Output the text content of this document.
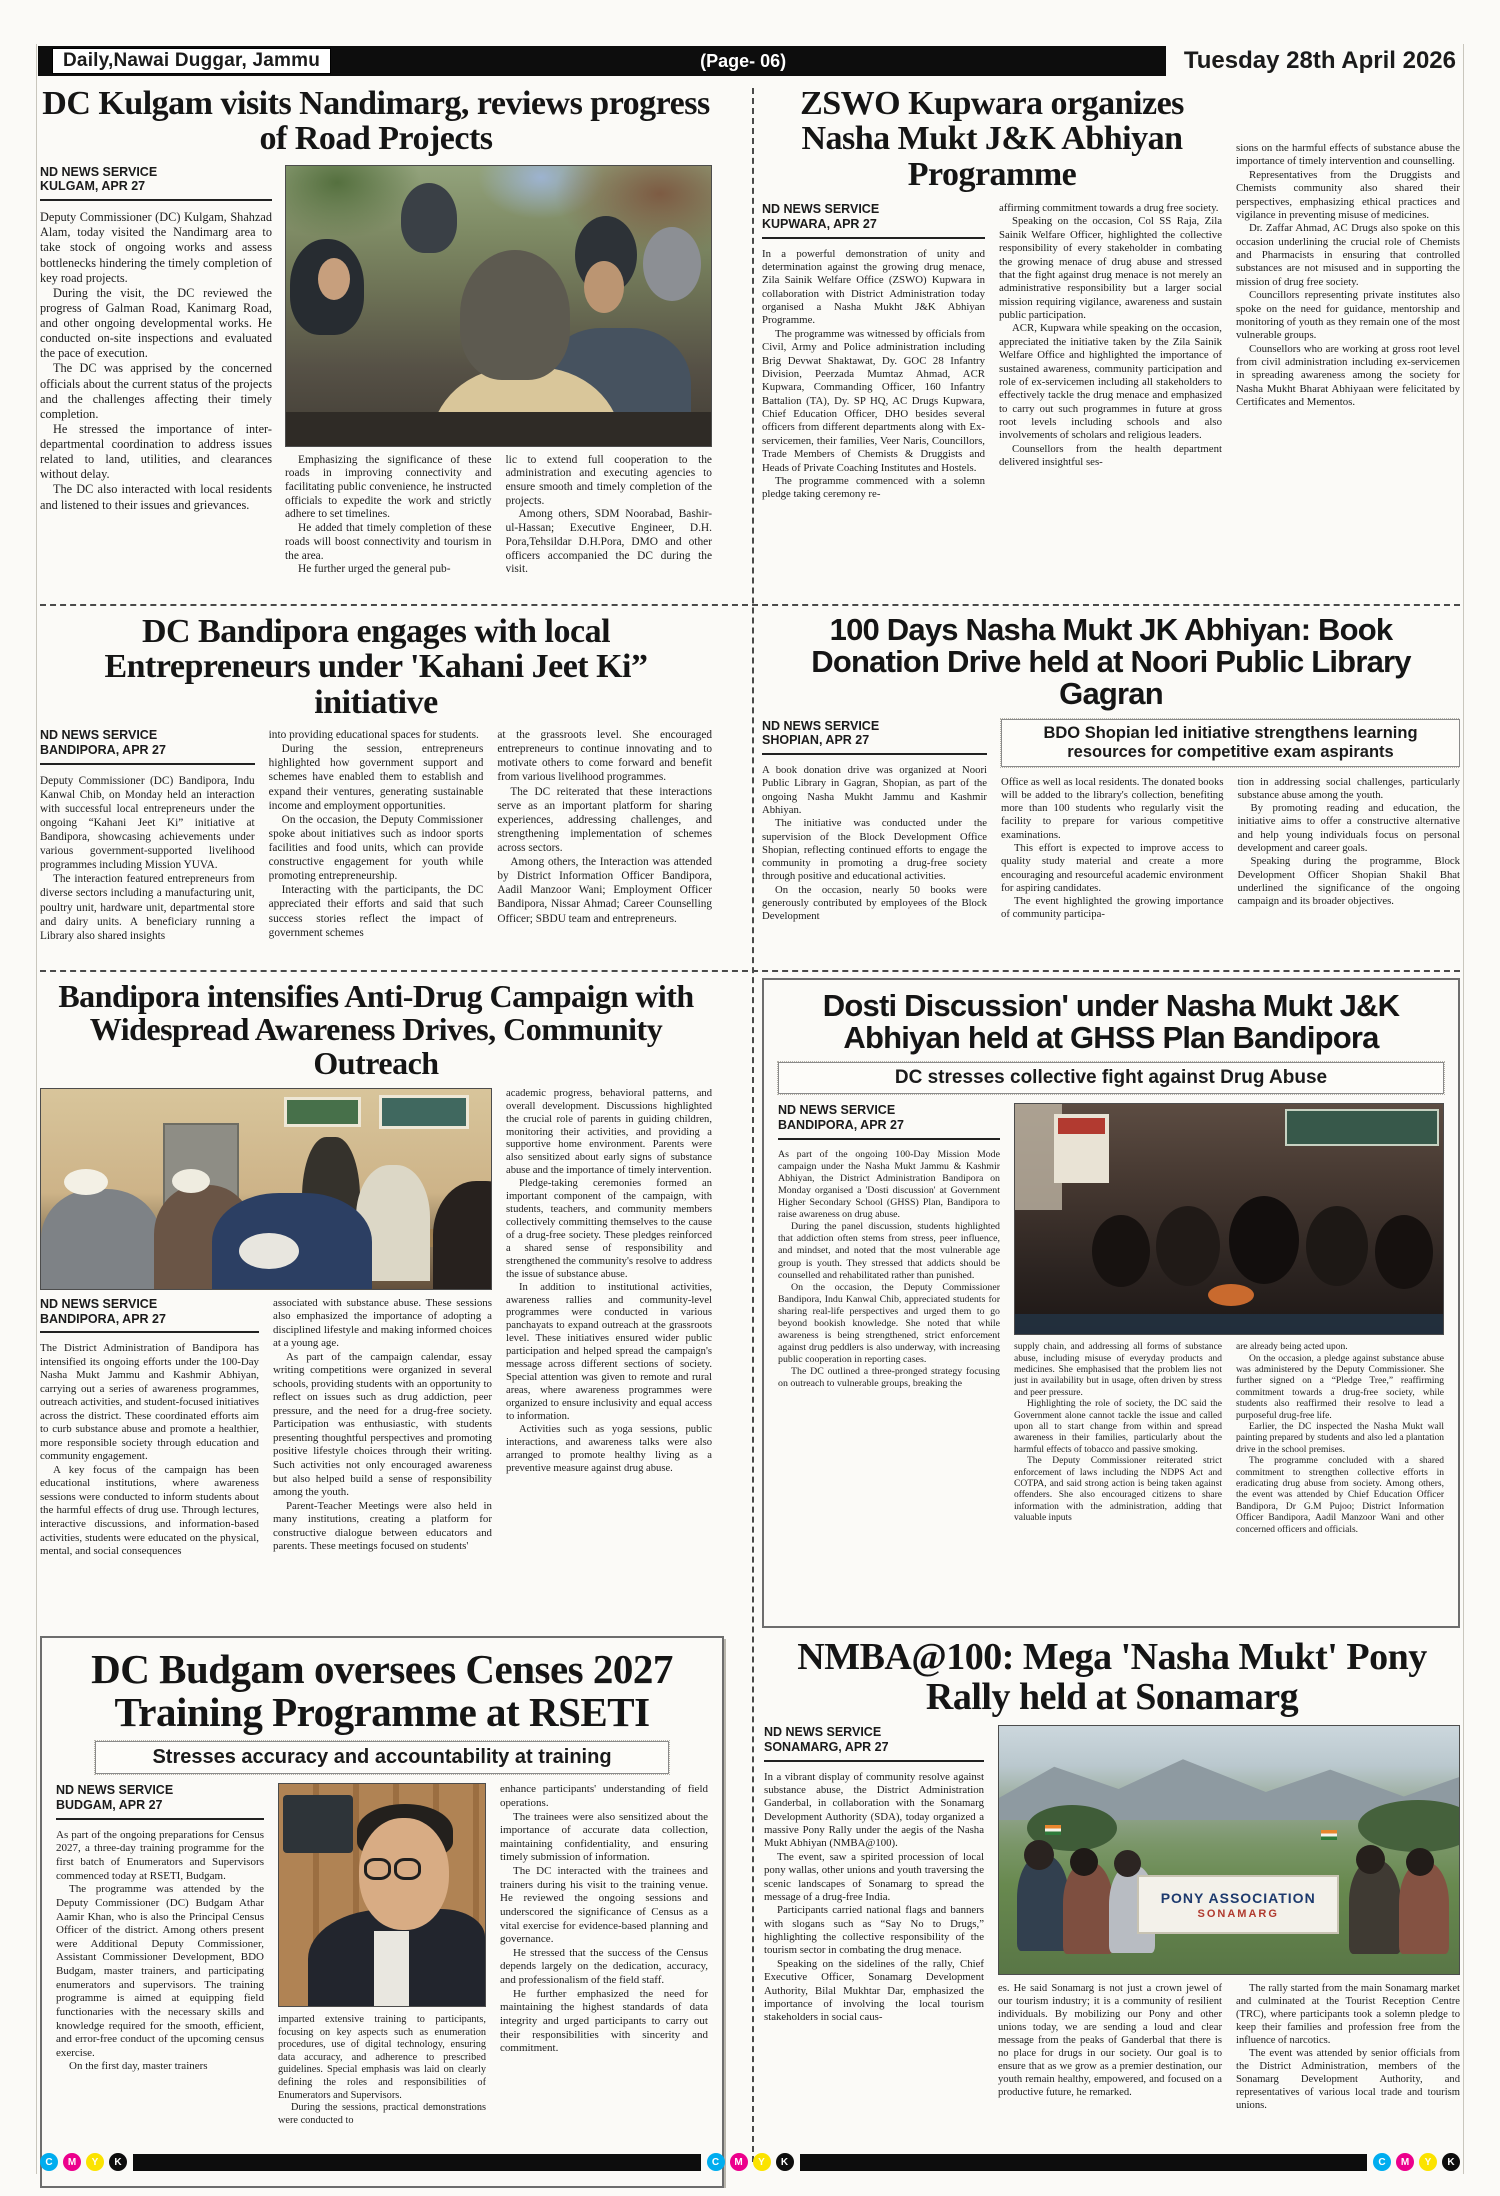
Daily,Nawai Duggar, Jammu	(Page- 06)	Tuesday 28th April 2026
DC Kulgam visits Nandimarg, reviews progress of Road Projects
ND NEWS SERVICE
KULGAM, APR 27

Deputy Commissioner (DC) Kulgam, Shahzad Alam, today visited the Nandimarg area to take stock of ongoing works and assess bottlenecks hindering the timely completion of key road projects.

During the visit, the DC reviewed the progress of Galman Road, Kanimarg Road, and other ongoing developmental works. He conducted on-site inspections and evaluated the pace of execution.

The DC was apprised by the concerned officials about the current status of the projects and the challenges affecting their timely completion.

He stressed the importance of inter-departmental coordination to address issues related to land, utilities, and clearances without delay.

The DC also interacted with local residents and listened to their issues and grievances.

Emphasizing the significance of these roads in improving connectivity and facilitating public convenience, he instructed officials to expedite the work and strictly adhere to set timelines.

He added that timely completion of these roads will boost connectivity and tourism in the area.

He further urged the general pub-

lic to extend full cooperation to the administration and executing agencies to ensure smooth and timely completion of the projects.

Among others, SDM Noorabad, Bashir-ul-Hassan; Executive Engineer, D.H. Pora,Tehsildar D.H.Pora, DMO and other officers accompanied the DC during the visit.

ZSWO Kupwara organizes Nasha Mukt J&K Abhiyan Programme
ND NEWS SERVICE
KUPWARA, APR 27

In a powerful demonstration of unity and determination against the growing drug menace, Zila Sainik Welfare Office (ZSWO) Kupwara in collaboration with District Administration today organised a Nasha Mukht J&K Abhiyan Programme.

The programme was witnessed by officials from Civil, Army and Police administration including Brig Devwat Shaktawat, Dy. GOC 28 Infantry Division, Peerzada Mumtaz Ahmad, ACR Kupwara, Commanding Officer, 160 Infantry Battalion (TA), Dy. SP HQ, AC Drugs Kupwara, Chief Education Officer, DHO besides several officers from different departments along with Ex-servicemen, their families, Veer Naris, Councillors, Trade Members of Chemists & Druggists and Heads of Private Coaching Institutes and Hostels.

The programme commenced with a solemn pledge taking ceremony re-

affirming commitment towards a drug free society.

Speaking on the occasion, Col SS Raja, Zila Sainik Welfare Officer, highlighted the collective responsibility of every stakeholder in combating the growing menace of drug abuse and stressed that the fight against drug menace is not merely an administrative responsibility but a larger social mission requiring vigilance, awareness and sustain public participation.

ACR, Kupwara while speaking on the occasion, appreciated the initiative taken by the Zila Sainik Welfare Office and highlighted the importance of sustained awareness, community participation and role of ex-servicemen including all stakeholders to effectively tackle the drug menace and emphasized to carry out such programmes in future at gross root levels including schools and also involvements of scholars and religious leaders.

Counsellors from the health department delivered insightful ses-

sions on the harmful effects of substance abuse the importance of timely intervention and counselling.

Representatives from the Druggists and Chemists community also shared their perspectives, emphasizing ethical practices and vigilance in preventing misuse of medicines.

Dr. Zaffar Ahmad, AC Drugs also spoke on this occasion underlining the crucial role of Chemists and Pharmacists in ensuring that controlled substances are not misused and in supporting the mission of drug free society.

Councillors representing private institutes also spoke on the need for guidance, mentorship and monitoring of youth as they remain one of the most vulnerable groups.

Counsellors who are working at gross root level from civil administration including ex-servicemen in spreading awareness among the society for Nasha Mukht Bharat Abhiyaan were felicitated by Certificates and Mementos.

DC Bandipora engages with local Entrepreneurs under 'Kahani Jeet Ki” initiative
ND NEWS SERVICE
BANDIPORA, APR 27

Deputy Commissioner (DC) Bandipora, Indu Kanwal Chib, on Monday held an interaction with successful local entrepreneurs under the ongoing “Kahani Jeet Ki” initiative at Bandipora, showcasing achievements under various government-supported livelihood programmes including Mission YUVA.

The interaction featured entrepreneurs from diverse sectors including a manufacturing unit, poultry unit, hardware unit, departmental store and dairy units. A beneficiary running a Library also shared insights

into providing educational spaces for students.

During the session, entrepreneurs highlighted how government support and schemes have enabled them to establish and expand their ventures, generating sustainable income and employment opportunities.

On the occasion, the Deputy Commissioner spoke about initiatives such as indoor sports facilities and food units, which can provide constructive engagement for youth while promoting entrepreneurship.

Interacting with the participants, the DC appreciated their efforts and said that such success stories reflect the impact of government schemes

at the grassroots level. She encouraged entrepreneurs to continue innovating and to motivate others to come forward and benefit from various livelihood programmes.

The DC reiterated that these interactions serve as an important platform for sharing experiences, addressing challenges, and strengthening implementation of schemes across sectors.

Among others, the Interaction was attended by District Information Officer Bandipora, Aadil Manzoor Wani; Employment Officer Bandipora, Nissar Ahmad; Career Counselling Officer; SBDU team and entrepreneurs.

100 Days Nasha Mukt JK Abhiyan: Book Donation Drive held at Noori Public Library Gagran
ND NEWS SERVICE
SHOPIAN, APR 27

A book donation drive was organized at Noori Public Library in Gagran, Shopian, as part of the ongoing Nasha Mukht Jammu and Kashmir Abhiyan.

The initiative was conducted under the supervision of the Block Development Office Shopian, reflecting continued efforts to engage the community in promoting a drug-free society through positive and educational activities.

On the occasion, nearly 50 books were generously contributed by employees of the Block Development

BDO Shopian led initiative strengthens learning resources for competitive exam aspirants

Office as well as local residents. The donated books will be added to the library's collection, benefiting more than 100 students who regularly visit the facility to prepare for various competitive examinations.

This effort is expected to improve access to quality study material and create a more encouraging and resourceful academic environment for aspiring candidates.

The event highlighted the growing importance of community participa-

tion in addressing social challenges, particularly substance abuse among the youth.

By promoting reading and education, the initiative aims to offer a constructive alternative and help young individuals focus on personal development and career goals.

Speaking during the programme, Block Development Officer Shopian Shakil Bhat underlined the significance of the ongoing campaign and its broader objectives.

Bandipora intensifies Anti-Drug Campaign with Widespread Awareness Drives, Community Outreach
ND NEWS SERVICE
BANDIPORA, APR 27

The District Administration of Bandipora has intensified its ongoing efforts under the 100-Day Nasha Mukt Jammu and Kashmir Abhiyan, carrying out a series of awareness programmes, outreach activities, and student-focused initiatives across the district. These coordinated efforts aim to curb substance abuse and promote a healthier, more responsible society through education and community engagement.

A key focus of the campaign has been educational institutions, where awareness sessions were conducted to inform students about the harmful effects of drug use. Through lectures, interactive discussions, and information-based activities, students were educated on the physical, mental, and social consequences

associated with substance abuse. These sessions also emphasized the importance of adopting a disciplined lifestyle and making informed choices at a young age.

As part of the campaign calendar, essay writing competitions were organized in several schools, providing students with an opportunity to reflect on issues such as drug addiction, peer pressure, and the need for a drug-free society. Participation was enthusiastic, with students presenting thoughtful perspectives and promoting positive lifestyle choices through their writing. Such activities not only encouraged awareness but also helped build a sense of responsibility among the youth.

Parent-Teacher Meetings were also held in many institutions, creating a platform for constructive dialogue between educators and parents. These meetings focused on students'

academic progress, behavioral patterns, and overall development. Discussions highlighted the crucial role of parents in guiding children, monitoring their activities, and providing a supportive home environment. Parents were also sensitized about early signs of substance abuse and the importance of timely intervention.

Pledge-taking ceremonies formed an important component of the campaign, with students, teachers, and community members collectively committing themselves to the cause of a drug-free society. These pledges reinforced a shared sense of responsibility and strengthened the community's resolve to address the issue of substance abuse.

In addition to institutional activities, awareness rallies and community-level programmes were conducted in various panchayats to expand outreach at the grassroots level. These initiatives ensured wider public participation and helped spread the campaign's message across different sections of society. Special attention was given to remote and rural areas, where awareness programmes were organized to ensure inclusivity and equal access to information.

Activities such as yoga sessions, public interactions, and awareness talks were also arranged to promote healthy living as a preventive measure against drug abuse.

Dosti Discussion' under Nasha Mukt J&K Abhiyan held at GHSS Plan Bandipora
DC stresses collective fight against Drug Abuse
ND NEWS SERVICE
BANDIPORA, APR 27

As part of the ongoing 100-Day Mission Mode campaign under the Nasha Mukt Jammu & Kashmir Abhiyan, the District Administration Bandipora on Monday organised a 'Dosti discussion' at Government Higher Secondary School (GHSS) Plan, Bandipora to raise awareness on drug abuse.

During the panel discussion, students highlighted that addiction often stems from stress, peer influence, and mindset, and noted that the most vulnerable age group is youth. They stressed that addicts should be counselled and rehabilitated rather than punished.

On the occasion, the Deputy Commissioner Bandipora, Indu Kanwal Chib, appreciated students for sharing real-life perspectives and urged them to go beyond bookish knowledge. She noted that while awareness is being strengthened, strict enforcement against drug peddlers is also underway, with increasing public cooperation in reporting cases.

The DC outlined a three-pronged strategy focusing on outreach to vulnerable groups, breaking the

supply chain, and addressing all forms of substance abuse, including misuse of everyday products and medicines. She emphasised that the problem lies not just in availability but in usage, often driven by stress and peer pressure.

Highlighting the role of society, the DC said the Government alone cannot tackle the issue and called upon all to start change from within and spread awareness in their families, particularly about the harmful effects of tobacco and passive smoking.

The Deputy Commissioner reiterated strict enforcement of laws including the NDPS Act and COTPA, and said strong action is being taken against offenders. She also encouraged citizens to share information with the administration, adding that valuable inputs

are already being acted upon.

On the occasion, a pledge against substance abuse was administered by the Deputy Commissioner. She further signed on a “Pledge Tree,” reaffirming commitment towards a drug-free society, while students also reaffirmed their resolve to lead a purposeful drug-free life.

Earlier, the DC inspected the Nasha Mukt wall painting prepared by students and also led a plantation drive in the school premises.

The programme concluded with a shared commitment to strengthen collective efforts in eradicating drug abuse from society. Among others, the event was attended by Chief Education Officer Bandipora, Dr G.M Pujoo; District Information Officer Bandipora, Aadil Manzoor Wani and other concerned officers and officials.

DC Budgam oversees Censes 2027 Training Programme at RSETI
Stresses accuracy and accountability at training
ND NEWS SERVICE
BUDGAM, APR 27

As part of the ongoing preparations for Census 2027, a three-day training programme for the first batch of Enumerators and Supervisors commenced today at RSETI, Budgam.

The programme was attended by the Deputy Commissioner (DC) Budgam Athar Aamir Khan, who is also the Principal Census Officer of the district. Among others present were Additional Deputy Commissioner, Assistant Commissioner Development, BDO Budgam, master trainers, and participating enumerators and supervisors. The training programme is aimed at equipping field functionaries with the necessary skills and knowledge required for the smooth, efficient, and error-free conduct of the upcoming census exercise.

On the first day, master trainers

imparted extensive training to participants, focusing on key aspects such as enumeration procedures, use of digital technology, ensuring data accuracy, and adherence to prescribed guidelines. Special emphasis was laid on clearly defining the roles and responsibilities of Enumerators and Supervisors.

During the sessions, practical demonstrations were conducted to

enhance participants' understanding of field operations.

The trainees were also sensitized about the importance of accurate data collection, maintaining confidentiality, and ensuring timely submission of information.

The DC interacted with the trainees and trainers during his visit to the training venue. He reviewed the ongoing sessions and underscored the significance of Census as a vital exercise for evidence-based planning and governance.

He stressed that the success of the Census depends largely on the dedication, accuracy, and professionalism of the field staff.

He further emphasized the need for maintaining the highest standards of data integrity and urged participants to carry out their responsibilities with sincerity and commitment.

NMBA@100: Mega 'Nasha Mukt' Pony Rally held at Sonamarg
ND NEWS SERVICE
SONAMARG, APR 27

In a vibrant display of community resolve against substance abuse, the District Administration Ganderbal, in collaboration with the Sonamarg Development Authority (SDA), today organized a massive Pony Rally under the aegis of the Nasha Mukt Abhiyan (NMBA@100).

The event, saw a spirited procession of local pony wallas, other unions and youth traversing the scenic landscapes of Sonamarg to spread the message of a drug-free India.

Participants carried national flags and banners with slogans such as “Say No to Drugs,” highlighting the collective responsibility of the tourism sector in combating the drug menace.

Speaking on the sidelines of the rally, Chief Executive Officer, Sonamarg Development Authority, Bilal Mukhtar Dar, emphasized the importance of involving the local tourism stakeholders in social caus-

PONY ASSOCIATION
SONAMARG

es. He said Sonamarg is not just a crown jewel of our tourism industry; it is a community of resilient individuals. By mobilizing our Pony and other unions today, we are sending a loud and clear message from the peaks of Ganderbal that there is no place for drugs in our society. Our goal is to ensure that as we grow as a premier destination, our youth remain healthy, empowered, and focused on a productive future, he remarked.

The rally started from the main Sonamarg market and culminated at the Tourist Reception Centre (TRC), where participants took a solemn pledge to keep their families and profession free from the influence of narcotics.

The event was attended by senior officials from the District Administration, members of the Sonamarg Development Authority, and representatives of various local trade and tourism unions.

C	M	Y	K	C	M	Y	K	C	M	Y	K
